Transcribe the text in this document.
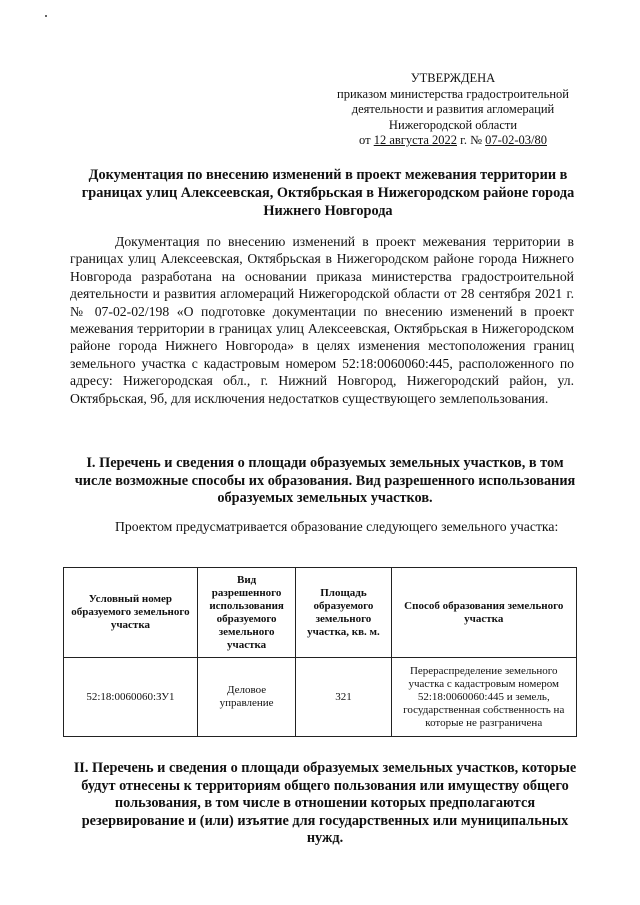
УТВЕРЖДЕНА
приказом министерства градостроительной
деятельности и развития агломераций
Нижегородской области
от 12 августа 2022 г. № 07-02-03/80
Документация по внесению изменений в проект межевания территории в границах улиц Алексеевская, Октябрьская в Нижегородском районе города Нижнего Новгорода
Документация по внесению изменений в проект межевания территории в границах улиц Алексеевская, Октябрьская в Нижегородском районе города Нижнего Новгорода разработана на основании приказа министерства градостроительной деятельности и развития агломераций Нижегородской области от 28 сентября 2021 г. № 07-02-02/198 «О подготовке документации по внесению изменений в проект межевания территории в границах улиц Алексеевская, Октябрьская в Нижегородском районе города Нижнего Новгорода» в целях изменения местоположения границ земельного участка с кадастровым номером 52:18:0060060:445, расположенного по адресу: Нижегородская обл., г. Нижний Новгород, Нижегородский район, ул. Октябрьская, 9б, для исключения недостатков существующего землепользования.
I. Перечень и сведения о площади образуемых земельных участков, в том числе возможные способы их образования. Вид разрешенного использования образуемых земельных участков.
Проектом предусматривается образование следующего земельного участка:
Условный номер образуемого земельного участка	Вид разрешенного использования образуемого земельного участка	Площадь образуемого земельного участка, кв. м.	Способ образования земельного участка
52:18:0060060:ЗУ1	Деловое управление	321	Перераспределение земельного участка с кадастровым номером 52:18:0060060:445 и земель, государственная собственность на которые не разграничена
II. Перечень и сведения о площади образуемых земельных участков, которые будут отнесены к территориям общего пользования или имуществу общего пользования, в том числе в отношении которых предполагаются резервирование и (или) изъятие для государственных или муниципальных нужд.
